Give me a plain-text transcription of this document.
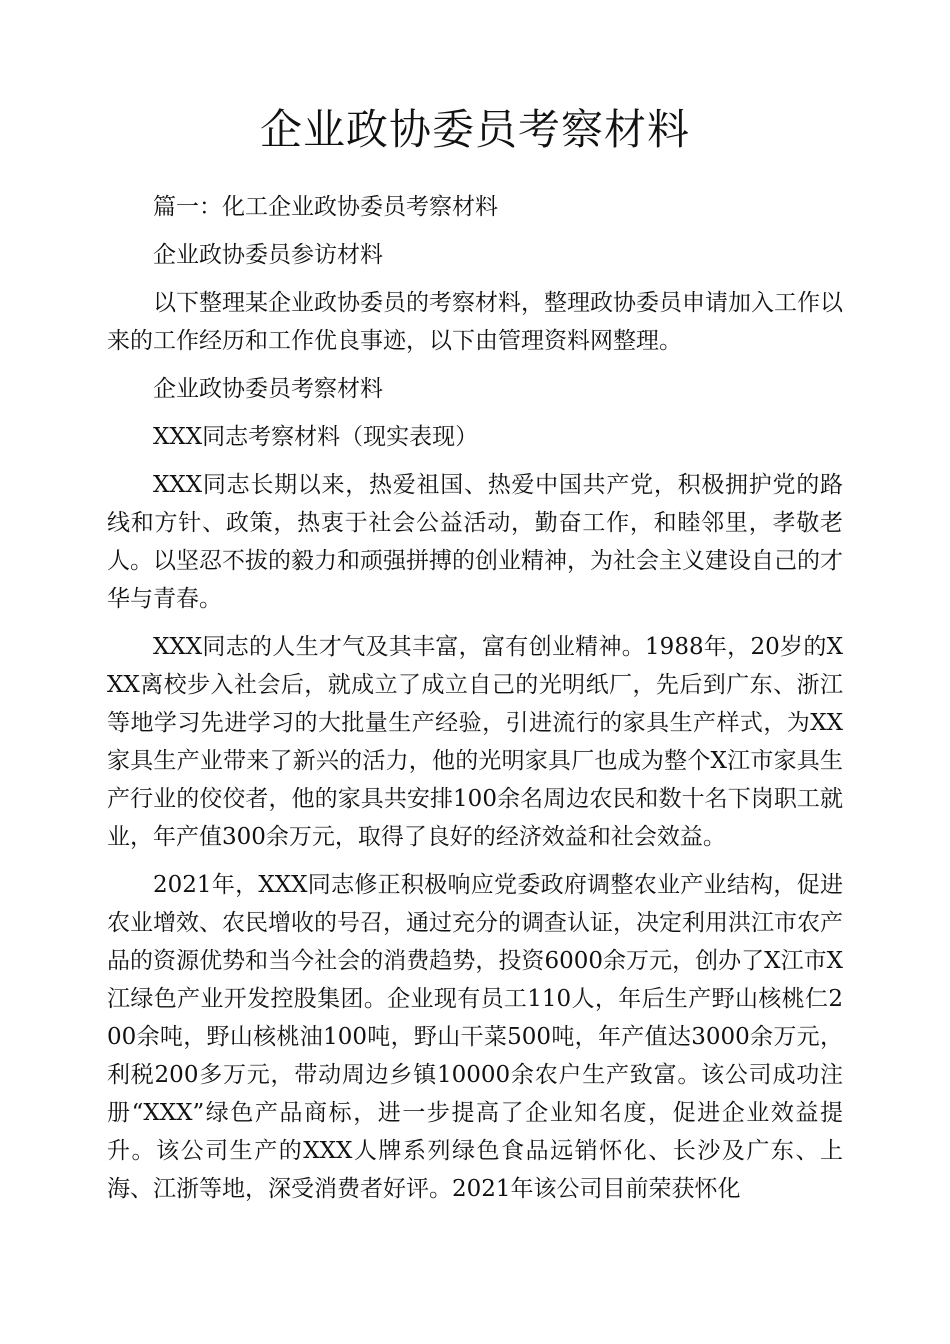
企业政协委员考察材料

篇一：化工企业政协委员考察材料

企业政协委员参访材料

以下整理某企业政协委员的考察材料，整理政协委员申请加入工作以来的工作经历和工作优良事迹，以下由管理资料网整理。

企业政协委员考察材料

XXX同志考察材料（现实表现）

XXX同志长期以来，热爱祖国、热爱中国共产党，积极拥护党的路线和方针、政策，热衷于社会公益活动，勤奋工作，和睦邻里，孝敬老人。以坚忍不拔的毅力和顽强拼搏的创业精神，为社会主义建设自己的才华与青春。

XXX同志的人生才气及其丰富，富有创业精神。1988年，20岁的XXX离校步入社会后，就成立了成立自己的光明纸厂，先后到广东、浙江等地学习先进学习的大批量生产经验，引进流行的家具生产样式，为XX家具生产业带来了新兴的活力，他的光明家具厂也成为整个X江市家具生产行业的佼佼者，他的家具共安排100余名周边农民和数十名下岗职工就业，年产值300余万元，取得了良好的经济效益和社会效益。

2021年，XXX同志修正积极响应党委政府调整农业产业结构，促进农业增效、农民增收的号召，通过充分的调查认证，决定利用洪江市农产品的资源优势和当今社会的消费趋势，投资6000余万元，创办了X江市X江绿色产业开发控股集团。企业现有员工110人，年后生产野山核桃仁200余吨，野山核桃油100吨，野山干菜500吨，年产值达3000余万元，利税200多万元，带动周边乡镇10000余农户生产致富。该公司成功注册“XXX”绿色产品商标，进一步提高了企业知名度，促进企业效益提升。该公司生产的XXX人牌系列绿色食品远销怀化、长沙及广东、上海、江浙等地，深受消费者好评。2021年该公司目前荣获怀化
